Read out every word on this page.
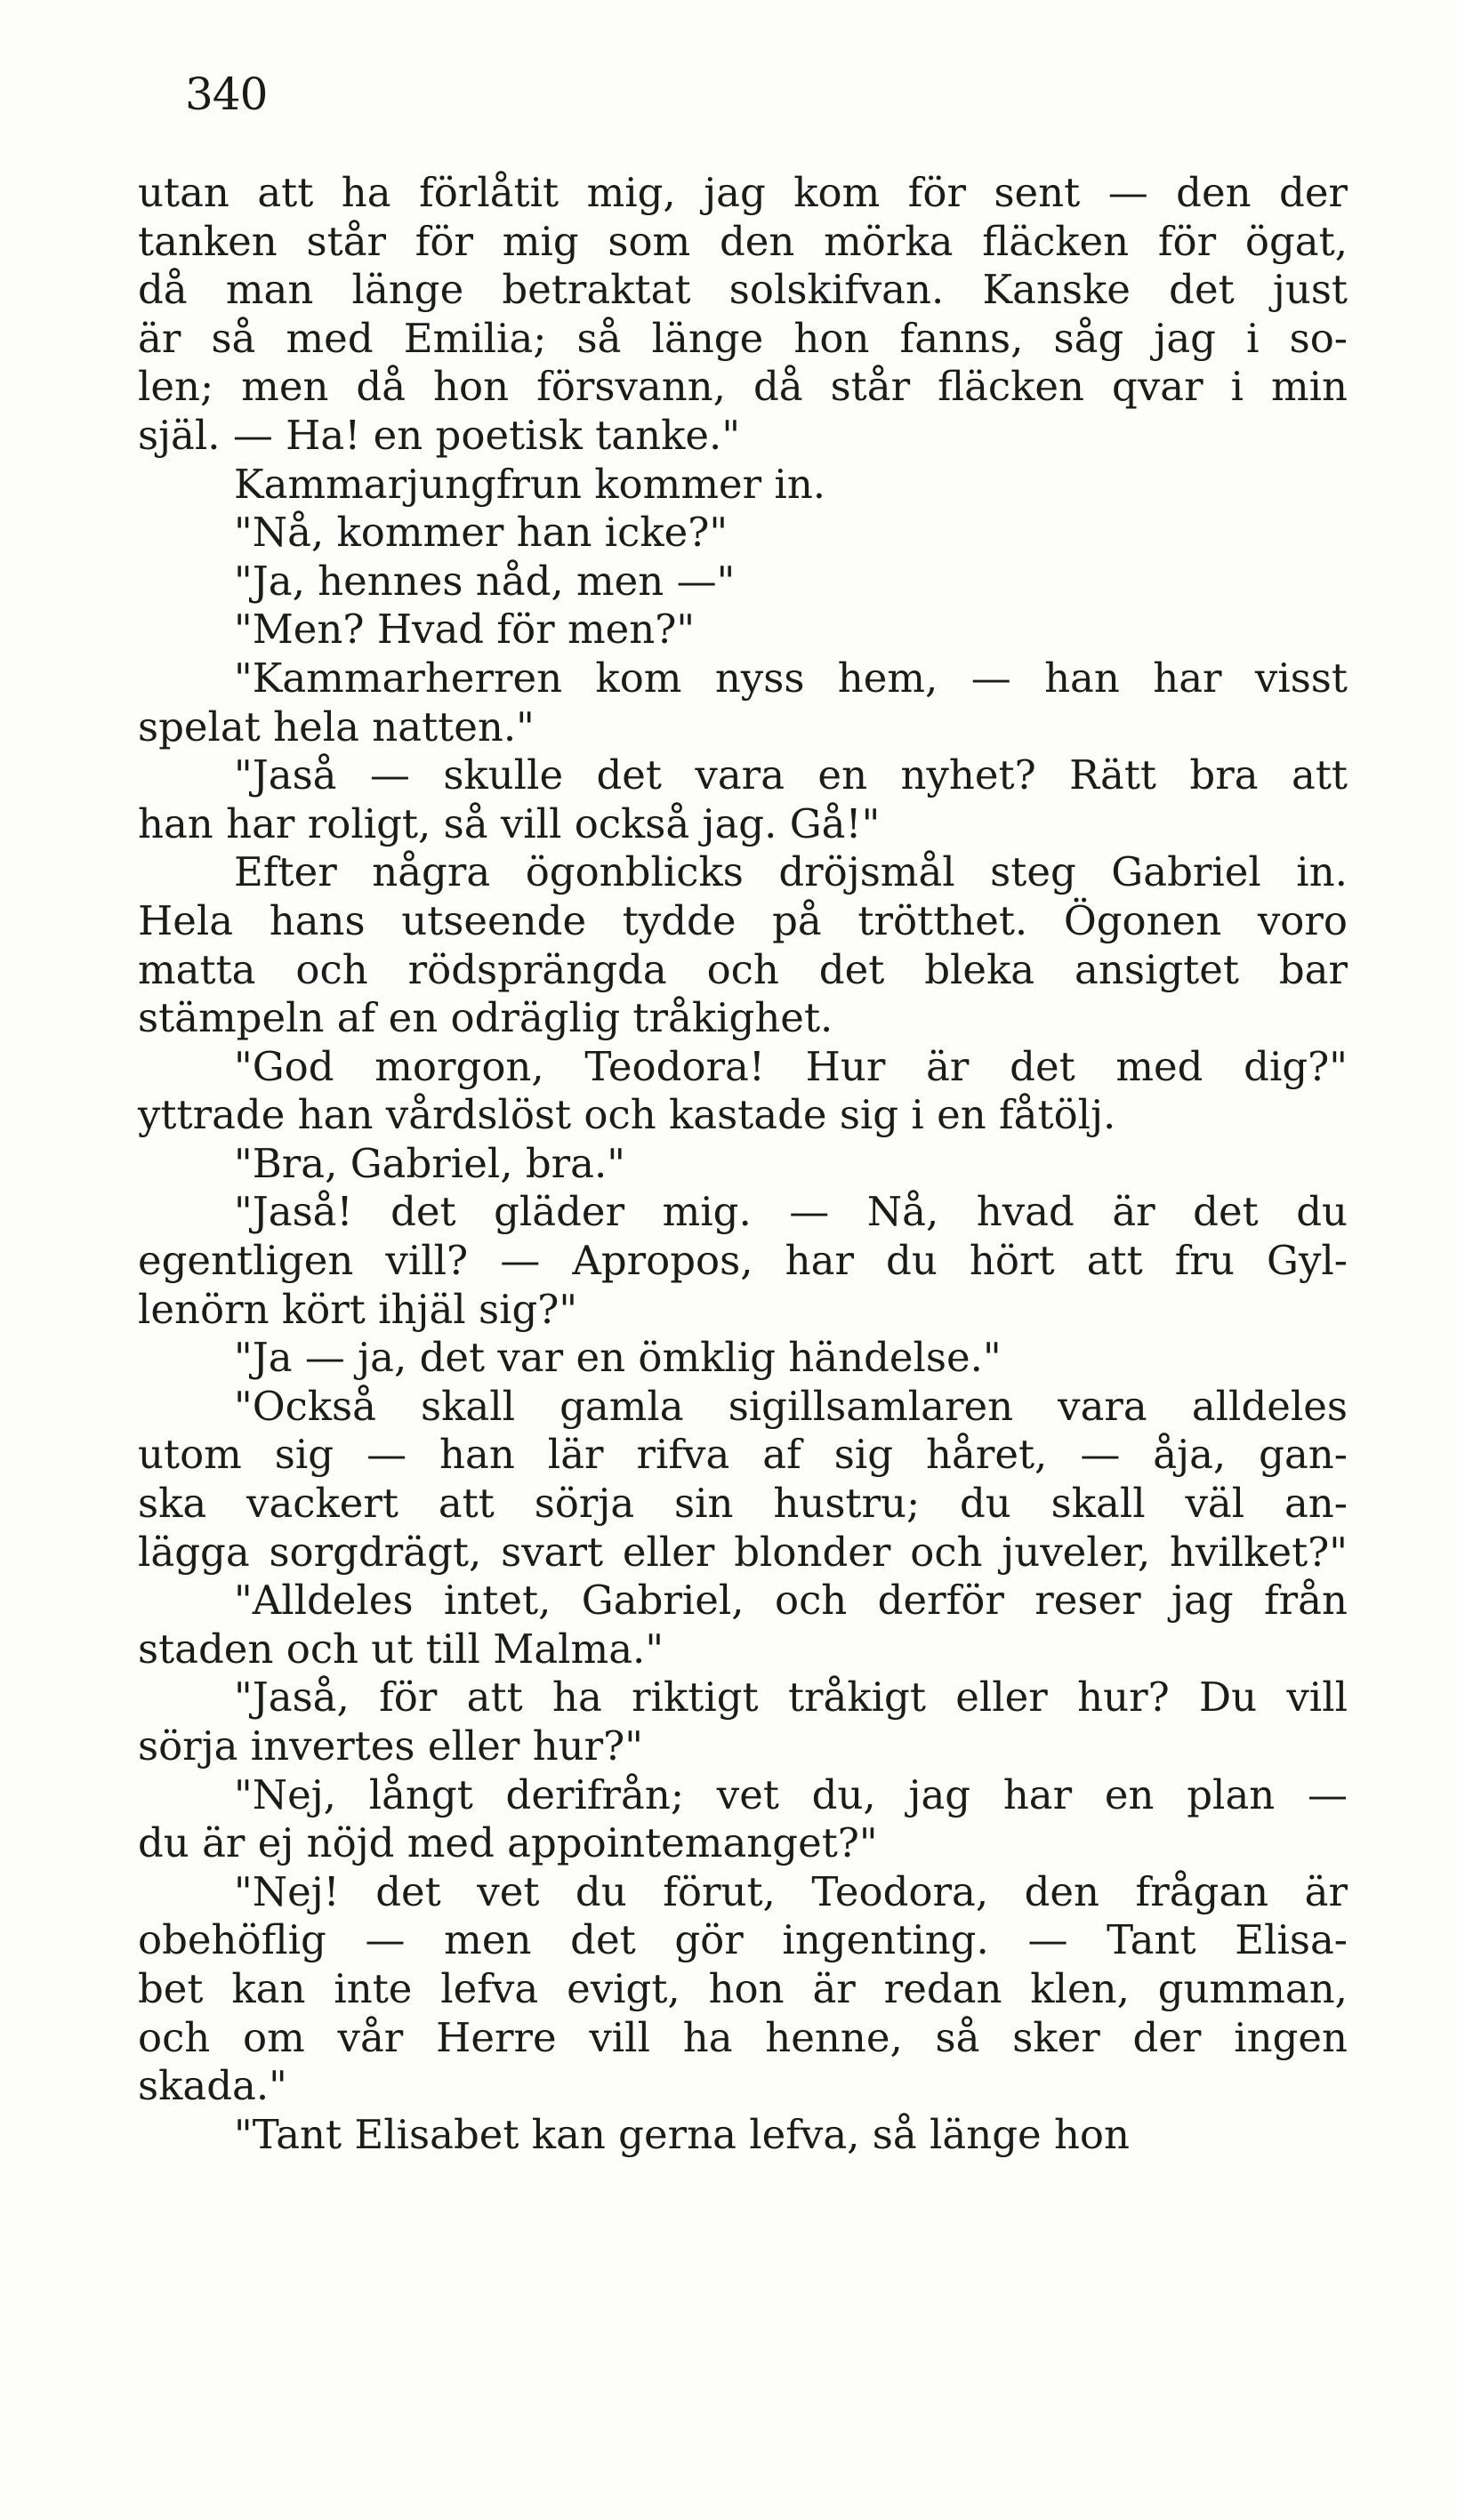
340
utan att ha förlåtit mig, jag kom för sent — den der
tanken står för mig som den mörka fläcken för ögat,
då man länge betraktat solskifvan. Kanske det just
är så med Emilia; så länge hon fanns, såg jag i so-
len; men då hon försvann, då står fläcken qvar i min
själ. — Ha! en poetisk tanke."
Kammarjungfrun kommer in.
"Nå, kommer han icke?"
"Ja, hennes nåd, men —"
"Men? Hvad för men?"
"Kammarherren kom nyss hem, — han har visst
spelat hela natten."
"Jaså — skulle det vara en nyhet? Rätt bra att
han har roligt, så vill också jag. Gå!"
Efter några ögonblicks dröjsmål steg Gabriel in.
Hela hans utseende tydde på trötthet. Ögonen voro
matta och rödsprängda och det bleka ansigtet bar
stämpeln af en odräglig tråkighet.
"God morgon, Teodora! Hur är det med dig?"
yttrade han vårdslöst och kastade sig i en fåtölj.
"Bra, Gabriel, bra."
"Jaså! det gläder mig. — Nå, hvad är det du
egentligen vill? — Apropos, har du hört att fru Gyl-
lenörn kört ihjäl sig?"
"Ja — ja, det var en ömklig händelse."
"Också skall gamla sigillsamlaren vara alldeles
utom sig — han lär rifva af sig håret, — åja, gan-
ska vackert att sörja sin hustru; du skall väl an-
lägga sorgdrägt, svart eller blonder och juveler, hvilket?"
"Alldeles intet, Gabriel, och derför reser jag från
staden och ut till Malma."
"Jaså, för att ha riktigt tråkigt eller hur? Du vill
sörja invertes eller hur?"
"Nej, långt derifrån; vet du, jag har en plan —
du är ej nöjd med appointemanget?"
"Nej! det vet du förut, Teodora, den frågan är
obehöflig — men det gör ingenting. — Tant Elisa-
bet kan inte lefva evigt, hon är redan klen, gumman,
och om vår Herre vill ha henne, så sker der ingen
skada."
"Tant Elisabet kan gerna lefva, så länge hon
